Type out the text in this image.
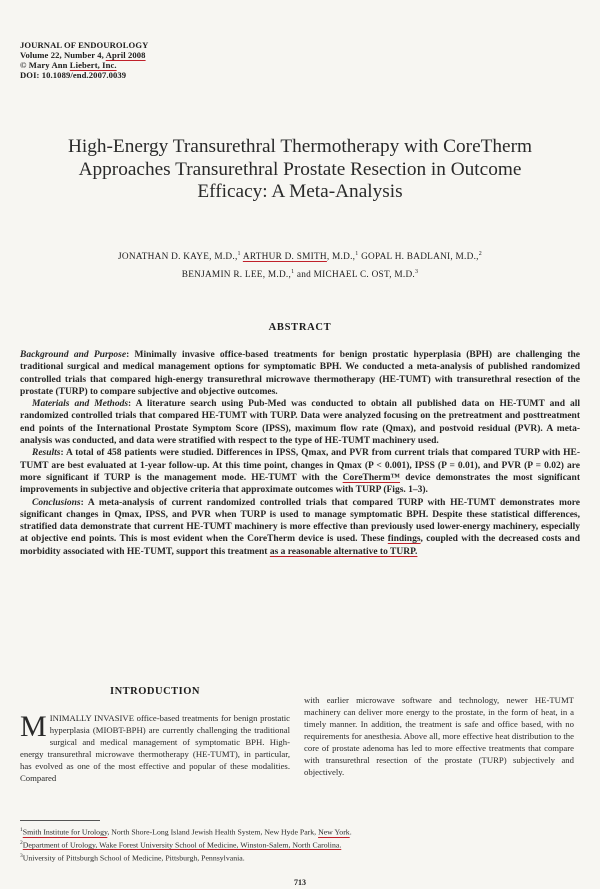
JOURNAL OF ENDOUROLOGY
Volume 22, Number 4, April 2008
© Mary Ann Liebert, Inc.
DOI: 10.1089/end.2007.0039
High-Energy Transurethral Thermotherapy with CoreTherm
Approaches Transurethral Prostate Resection in Outcome
Efficacy: A Meta-Analysis
JONATHAN D. KAYE, M.D.,$^1$ ARTHUR D. SMITH, M.D.,$^1$ GOPAL H. BADLANI, M.D.,$^2$
BENJAMIN R. LEE, M.D.,$^1$ and MICHAEL C. OST, M.D.$^3$
ABSTRACT

Background and Purpose: Minimally invasive office-based treatments for benign prostatic hyperplasia (BPH) are challenging the traditional surgical and medical management options for symptomatic BPH. We conducted a meta-analysis of published randomized controlled trials that compared high-energy transurethral microwave thermotherapy (HE-TUMT) with transurethral resection of the prostate (TURP) to compare subjective and objective outcomes.

Materials and Methods: A literature search using Pub-Med was conducted to obtain all published data on HE-TUMT and all randomized controlled trials that compared HE-TUMT with TURP. Data were analyzed focusing on the pretreatment and posttreatment end points of the International Prostate Symptom Score (IPSS), maximum flow rate (Qmax), and postvoid residual (PVR). A meta-analysis was conducted, and data were stratified with respect to the type of HE-TUMT machinery used.

Results: A total of 458 patients were studied. Differences in IPSS, Qmax, and PVR from current trials that compared TURP with HE-TUMT are best evaluated at 1-year follow-up. At this time point, changes in Qmax (P < 0.001), IPSS (P = 0.01), and PVR (P = 0.02) are more significant if TURP is the management mode. HE-TUMT with the CoreTherm™ device demonstrates the most significant improvements in subjective and objective criteria that approximate outcomes with TURP (Figs. 1–3).

Conclusions: A meta-analysis of current randomized controlled trials that compared TURP with HE-TUMT demonstrates more significant changes in Qmax, IPSS, and PVR when TURP is used to manage symptomatic BPH. Despite these statistical differences, stratified data demonstrate that current HE-TUMT machinery is more effective than previously used lower-energy machinery, especially at objective end points. This is most evident when the CoreTherm device is used. These findings, coupled with the decreased costs and morbidity associated with HE-TUMT, support this treatment as a reasonable alternative to TURP.

INTRODUCTION
MINIMALLY INVASIVE office-based treatments for benign prostatic hyperplasia (MIOBT-BPH) are currently challenging the traditional surgical and medical management of symptomatic BPH. High-energy transurethral microwave thermotherapy (HE-TUMT), in particular, has evolved as one of the most effective and popular of these modalities. Compared
with earlier microwave software and technology, newer HE-TUMT machinery can deliver more energy to the prostate, in the form of heat, in a timely manner. In addition, the treatment is safe and office based, with no requirements for anesthesia. Above all, more effective heat distribution to the core of prostate adenoma has led to more effective treatments that compare with transurethral resection of the prostate (TURP) subjectively and objectively.
$^1$Smith Institute for Urology, North Shore-Long Island Jewish Health System, New Hyde Park, New York.
$^2$Department of Urology, Wake Forest University School of Medicine, Winston-Salem, North Carolina.
$^3$University of Pittsburgh School of Medicine, Pittsburgh, Pennsylvania.
713
